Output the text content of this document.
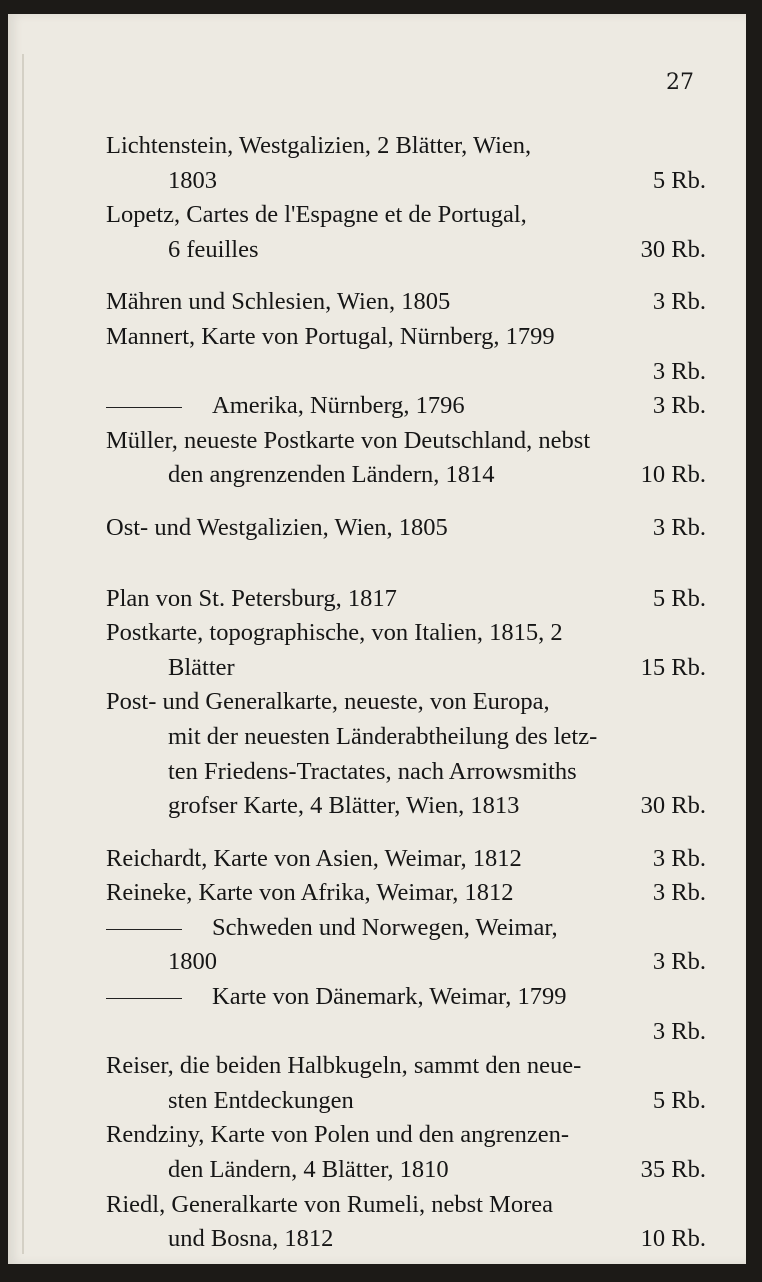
27
Lichtenstein, Westgalizien, 2 Blätter, Wien,
1803	5 Rb.
Lopetz, Cartes de l'Espagne et de Portugal,
6 feuilles	30 Rb.
Mähren und Schlesien, Wien, 1805	3 Rb.
Mannert, Karte von Portugal, Nürnberg, 1799
3 Rb.
Amerika, Nürnberg, 1796	3 Rb.
Müller, neueste Postkarte von Deutschland, nebst
den angrenzenden Ländern, 1814	10 Rb.
Ost- und Westgalizien, Wien, 1805	3 Rb.
Plan von St. Petersburg, 1817	5 Rb.
Postkarte, topographische, von Italien, 1815, 2
Blätter	15 Rb.
Post- und Generalkarte, neueste, von Europa,
mit der neuesten Länderabtheilung des letz-
ten Friedens-Tractates, nach Arrowsmiths
grofser Karte, 4 Blätter, Wien, 1813	30 Rb.
Reichardt, Karte von Asien, Weimar, 1812	3 Rb.
Reineke, Karte von Afrika, Weimar, 1812	3 Rb.
Schweden und Norwegen, Weimar,
1800	3 Rb.
Karte von Dänemark, Weimar, 1799
3 Rb.
Reiser, die beiden Halbkugeln, sammt den neue-
sten Entdeckungen	5 Rb.
Rendziny, Karte von Polen und den angrenzen-
den Ländern, 4 Blätter, 1810	35 Rb.
Riedl, Generalkarte von Rumeli, nebst Morea
und Bosna, 1812	10 Rb.
